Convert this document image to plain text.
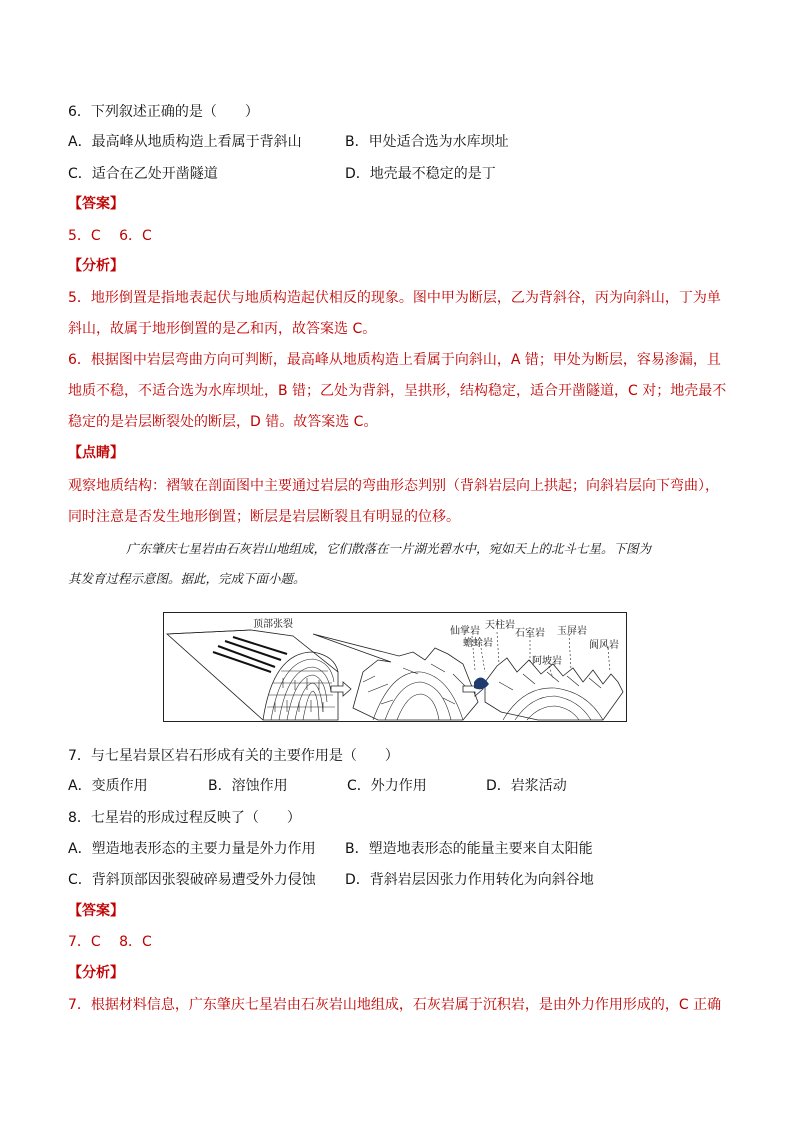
6．下列叙述正确的是（　　）
A．最高峰从地质构造上看属于背斜山	B．甲处适合选为水库坝址
C．适合在乙处开凿隧道	D．地壳最不稳定的是丁
【答案】
5．C　 6．C
【分析】
5．地形倒置是指地表起伏与地质构造起伏相反的现象。图中甲为断层，乙为背斜谷，丙为向斜山，丁为单
斜山，故属于地形倒置的是乙和丙，故答案选 C。
6．根据图中岩层弯曲方向可判断，最高峰从地质构造上看属于向斜山，A 错；甲处为断层，容易渗漏，且
地质不稳，不适合选为水库坝址，B 错；乙处为背斜，呈拱形，结构稳定，适合开凿隧道，C 对；地壳最不
稳定的是岩层断裂处的断层，D 错。故答案选 C。
【点睛】
观察地质结构：褶皱在剖面图中主要通过岩层的弯曲形态判别（背斜岩层向上拱起；向斜岩层向下弯曲），
同时注意是否发生地形倒置；断层是岩层断裂且有明显的位移。
广东肇庆七星岩由石灰岩山地组成，它们散落在一片湖光碧水中，宛如天上的北斗七星。下图为
其发育过程示意图。据此，完成下面小题。
顶部张裂
仙掌岩
天柱岩
蟾蜍岩
石室岩 玉屏岩
阿坡岩
阆风岩
7．与七星岩景区岩石形成有关的主要作用是（　　）
A．变质作用	B．溶蚀作用	C．外力作用	D．岩浆活动
8．七星岩的形成过程反映了（　　）
A．塑造地表形态的主要力量是外力作用 B．塑造地表形态的能量主要来自太阳能
C．背斜顶部因张裂破碎易遭受外力侵蚀 D．背斜岩层因张力作用转化为向斜谷地
【答案】
7．C　 8．C
【分析】
7．根据材料信息，广东肇庆七星岩由石灰岩山地组成，石灰岩属于沉积岩，是由外力作用形成的，C 正确
